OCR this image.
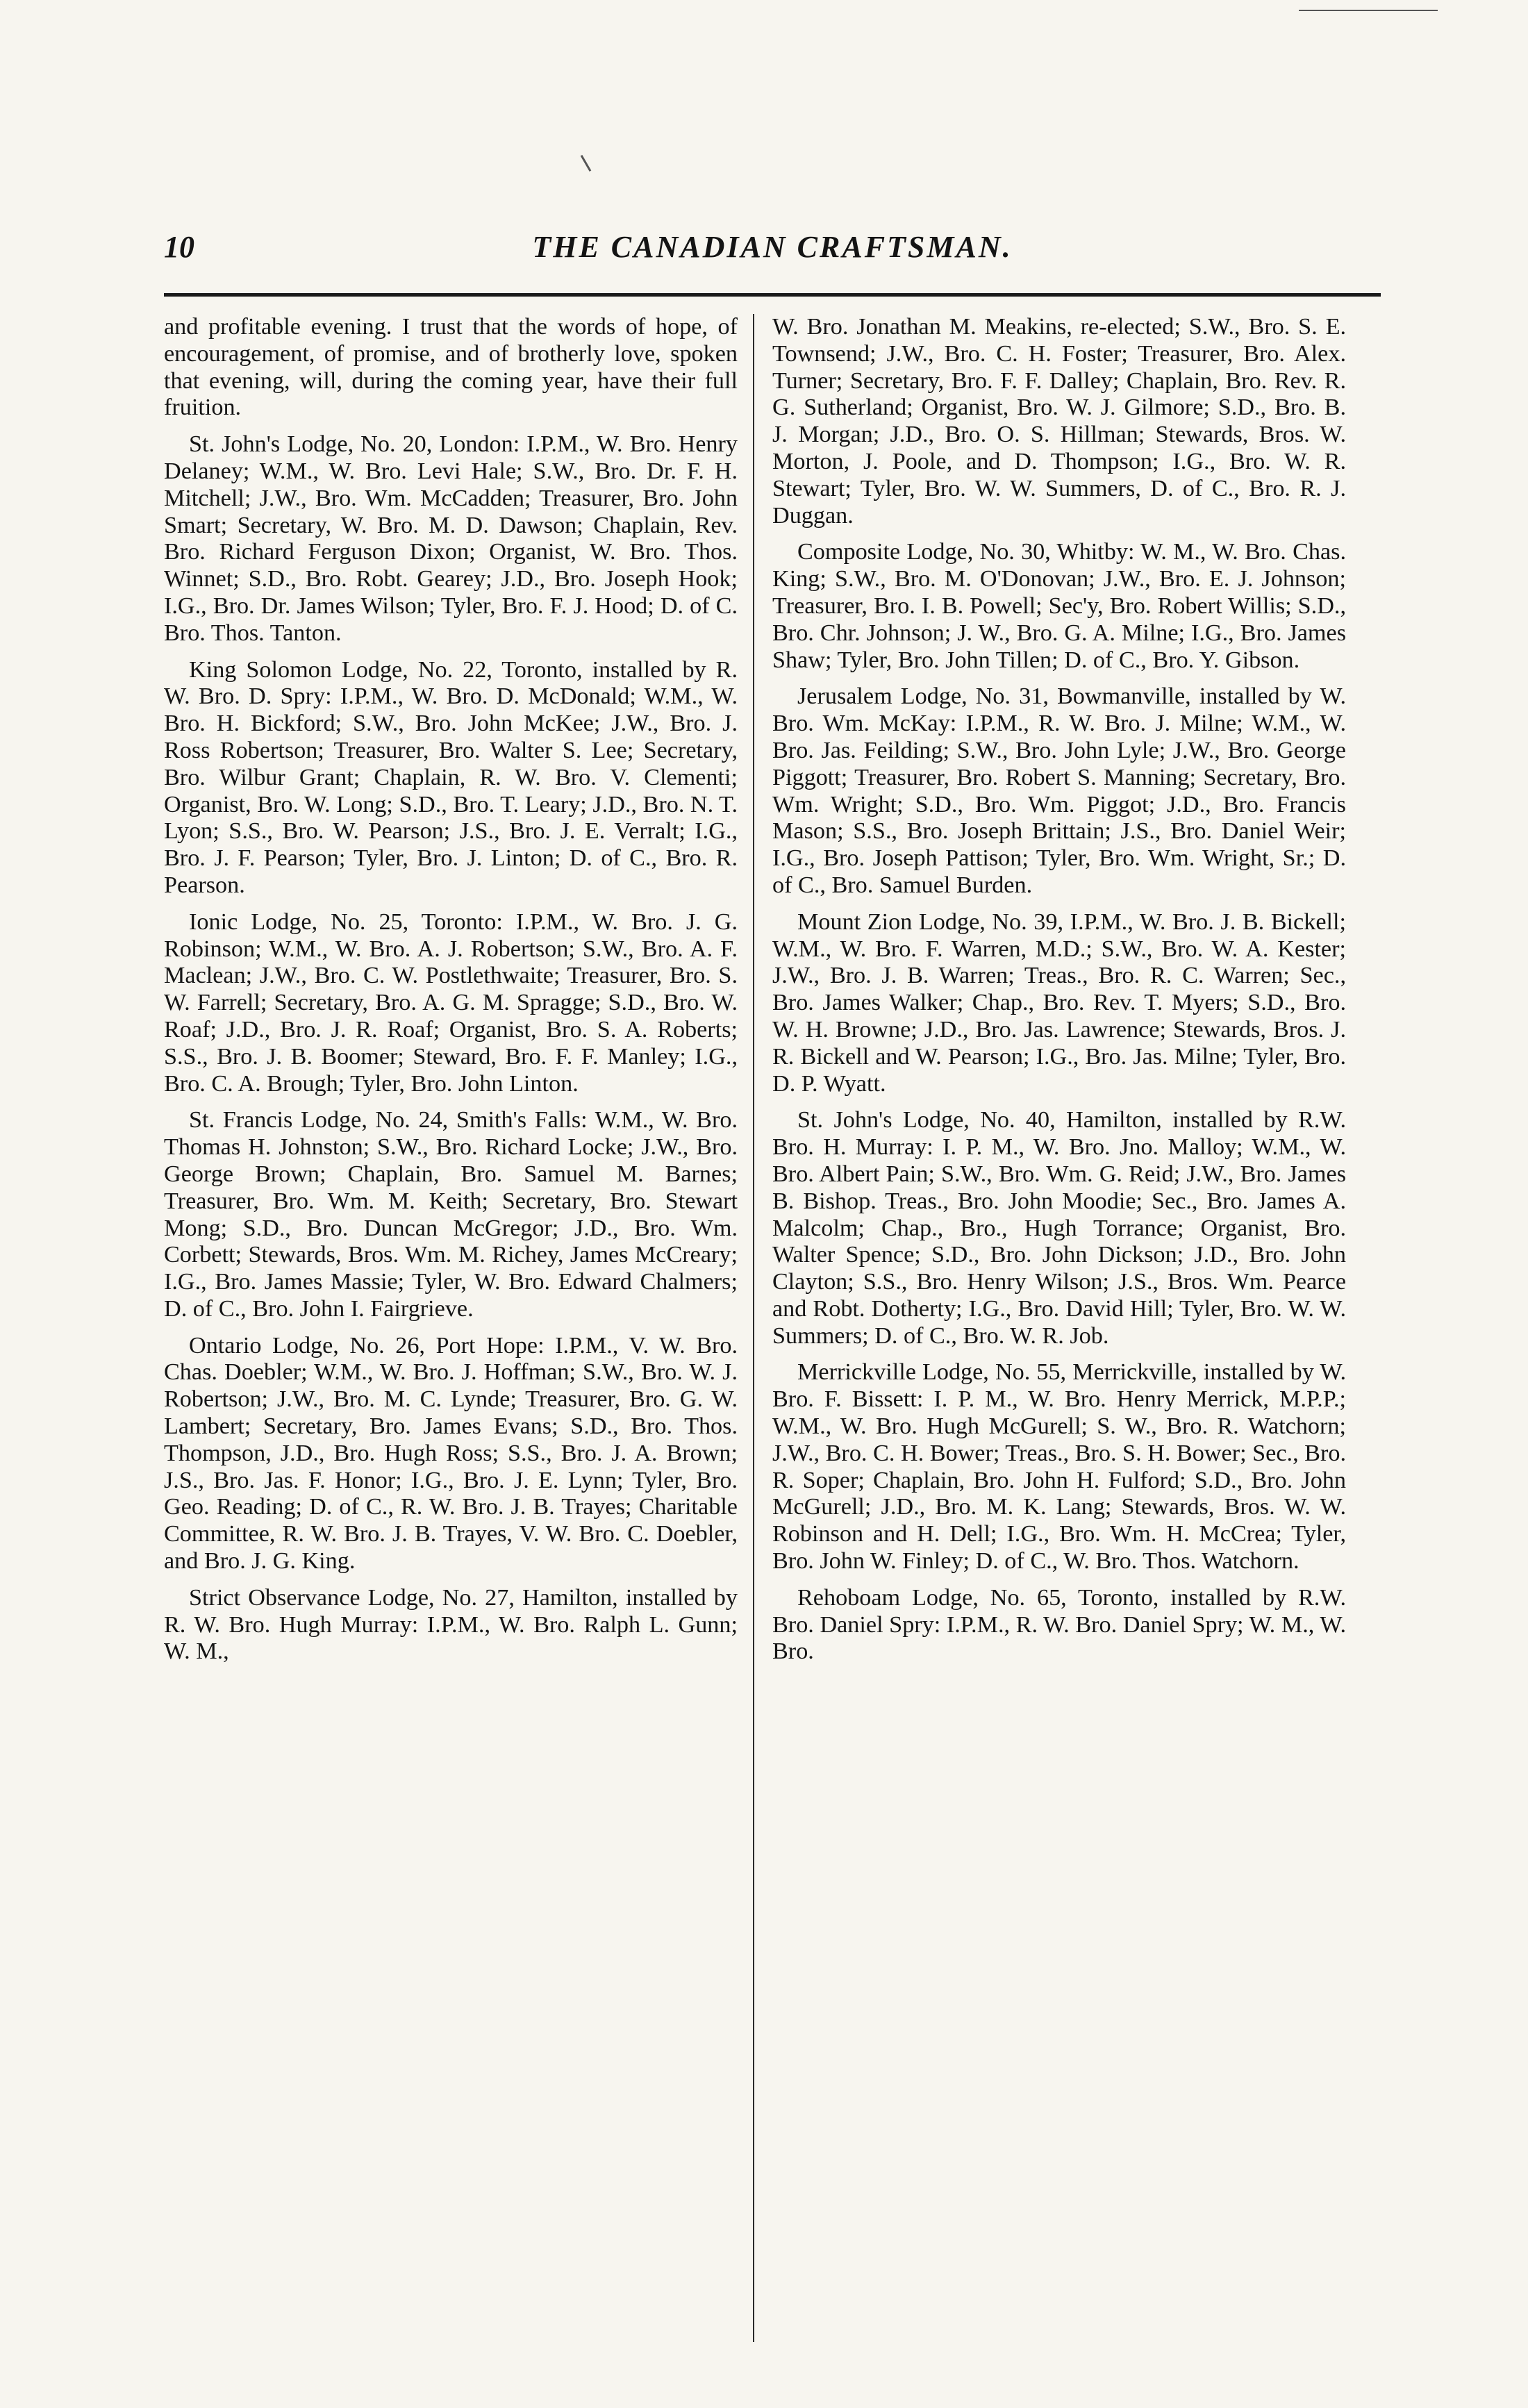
10	THE CANADIAN CRAFTSMAN.

and profitable evening. I trust that the words of hope, of encouragement, of promise, and of brotherly love, spoken that evening, will, during the coming year, have their full fruition.

St. John's Lodge, No. 20, London: I.P.M., W. Bro. Henry Delaney; W.M., W. Bro. Levi Hale; S.W., Bro. Dr. F. H. Mitchell; J.W., Bro. Wm. McCadden; Treasurer, Bro. John Smart; Secretary, W. Bro. M. D. Dawson; Chaplain, Rev. Bro. Richard Ferguson Dixon; Organist, W. Bro. Thos. Winnet; S.D., Bro. Robt. Gearey; J.D., Bro. Joseph Hook; I.G., Bro. Dr. James Wilson; Tyler, Bro. F. J. Hood; D. of C. Bro. Thos. Tanton.

King Solomon Lodge, No. 22, Toronto, installed by R. W. Bro. D. Spry: I.P.M., W. Bro. D. McDonald; W.M., W. Bro. H. Bickford; S.W., Bro. John McKee; J.W., Bro. J. Ross Robertson; Treasurer, Bro. Walter S. Lee; Secretary, Bro. Wilbur Grant; Chaplain, R. W. Bro. V. Clementi; Organist, Bro. W. Long; S.D., Bro. T. Leary; J.D., Bro. N. T. Lyon; S.S., Bro. W. Pearson; J.S., Bro. J. E. Verralt; I.G., Bro. J. F. Pearson; Tyler, Bro. J. Linton; D. of C., Bro. R. Pearson.

Ionic Lodge, No. 25, Toronto: I.P.M., W. Bro. J. G. Robinson; W.M., W. Bro. A. J. Robertson; S.W., Bro. A. F. Maclean; J.W., Bro. C. W. Postlethwaite; Treasurer, Bro. S. W. Farrell; Secretary, Bro. A. G. M. Spragge; S.D., Bro. W. Roaf; J.D., Bro. J. R. Roaf; Organist, Bro. S. A. Roberts; S.S., Bro. J. B. Boomer; Steward, Bro. F. F. Manley; I.G., Bro. C. A. Brough; Tyler, Bro. John Linton.

St. Francis Lodge, No. 24, Smith's Falls: W.M., W. Bro. Thomas H. Johnston; S.W., Bro. Richard Locke; J.W., Bro. George Brown; Chaplain, Bro. Samuel M. Barnes; Treasurer, Bro. Wm. M. Keith; Secretary, Bro. Stewart Mong; S.D., Bro. Duncan McGregor; J.D., Bro. Wm. Corbett; Stewards, Bros. Wm. M. Richey, James McCreary; I.G., Bro. James Massie; Tyler, W. Bro. Edward Chalmers; D. of C., Bro. John I. Fairgrieve.

Ontario Lodge, No. 26, Port Hope: I.P.M., V. W. Bro. Chas. Doebler; W.M., W. Bro. J. Hoffman; S.W., Bro. W. J. Robertson; J.W., Bro. M. C. Lynde; Treasurer, Bro. G. W. Lambert; Secretary, Bro. James Evans; S.D., Bro. Thos. Thompson, J.D., Bro. Hugh Ross; S.S., Bro. J. A. Brown; J.S., Bro. Jas. F. Honor; I.G., Bro. J. E. Lynn; Tyler, Bro. Geo. Reading; D. of C., R. W. Bro. J. B. Trayes; Charitable Committee, R. W. Bro. J. B. Trayes, V. W. Bro. C. Doebler, and Bro. J. G. King.

Strict Observance Lodge, No. 27, Hamilton, installed by R. W. Bro. Hugh Murray: I.P.M., W. Bro. Ralph L. Gunn; W. M.,

W. Bro. Jonathan M. Meakins, re-elected; S.W., Bro. S. E. Townsend; J.W., Bro. C. H. Foster; Treasurer, Bro. Alex. Turner; Secretary, Bro. F. F. Dalley; Chaplain, Bro. Rev. R. G. Sutherland; Organist, Bro. W. J. Gilmore; S.D., Bro. B. J. Morgan; J.D., Bro. O. S. Hillman; Stewards, Bros. W. Morton, J. Poole, and D. Thompson; I.G., Bro. W. R. Stewart; Tyler, Bro. W. W. Summers, D. of C., Bro. R. J. Duggan.

Composite Lodge, No. 30, Whitby: W. M., W. Bro. Chas. King; S.W., Bro. M. O'Donovan; J.W., Bro. E. J. Johnson; Treasurer, Bro. I. B. Powell; Sec'y, Bro. Robert Willis; S.D., Bro. Chr. Johnson; J. W., Bro. G. A. Milne; I.G., Bro. James Shaw; Tyler, Bro. John Tillen; D. of C., Bro. Y. Gibson.

Jerusalem Lodge, No. 31, Bowmanville, installed by W. Bro. Wm. McKay: I.P.M., R. W. Bro. J. Milne; W.M., W. Bro. Jas. Feilding; S.W., Bro. John Lyle; J.W., Bro. George Piggott; Treasurer, Bro. Robert S. Manning; Secretary, Bro. Wm. Wright; S.D., Bro. Wm. Piggot; J.D., Bro. Francis Mason; S.S., Bro. Joseph Brittain; J.S., Bro. Daniel Weir; I.G., Bro. Joseph Pattison; Tyler, Bro. Wm. Wright, Sr.; D. of C., Bro. Samuel Burden.

Mount Zion Lodge, No. 39, I.P.M., W. Bro. J. B. Bickell; W.M., W. Bro. F. Warren, M.D.; S.W., Bro. W. A. Kester; J.W., Bro. J. B. Warren; Treas., Bro. R. C. Warren; Sec., Bro. James Walker; Chap., Bro. Rev. T. Myers; S.D., Bro. W. H. Browne; J.D., Bro. Jas. Lawrence; Stewards, Bros. J. R. Bickell and W. Pearson; I.G., Bro. Jas. Milne; Tyler, Bro. D. P. Wyatt.

St. John's Lodge, No. 40, Hamilton, installed by R.W. Bro. H. Murray: I. P. M., W. Bro. Jno. Malloy; W.M., W. Bro. Albert Pain; S.W., Bro. Wm. G. Reid; J.W., Bro. James B. Bishop. Treas., Bro. John Moodie; Sec., Bro. James A. Malcolm; Chap., Bro., Hugh Torrance; Organist, Bro. Walter Spence; S.D., Bro. John Dickson; J.D., Bro. John Clayton; S.S., Bro. Henry Wilson; J.S., Bros. Wm. Pearce and Robt. Dotherty; I.G., Bro. David Hill; Tyler, Bro. W. W. Summers; D. of C., Bro. W. R. Job.

Merrickville Lodge, No. 55, Merrickville, installed by W. Bro. F. Bissett: I. P. M., W. Bro. Henry Merrick, M.P.P.; W.M., W. Bro. Hugh McGurell; S. W., Bro. R. Watchorn; J.W., Bro. C. H. Bower; Treas., Bro. S. H. Bower; Sec., Bro. R. Soper; Chaplain, Bro. John H. Fulford; S.D., Bro. John McGurell; J.D., Bro. M. K. Lang; Stewards, Bros. W. W. Robinson and H. Dell; I.G., Bro. Wm. H. McCrea; Tyler, Bro. John W. Finley; D. of C., W. Bro. Thos. Watchorn.

Rehoboam Lodge, No. 65, Toronto, installed by R.W. Bro. Daniel Spry: I.P.M., R. W. Bro. Daniel Spry; W. M., W. Bro.
